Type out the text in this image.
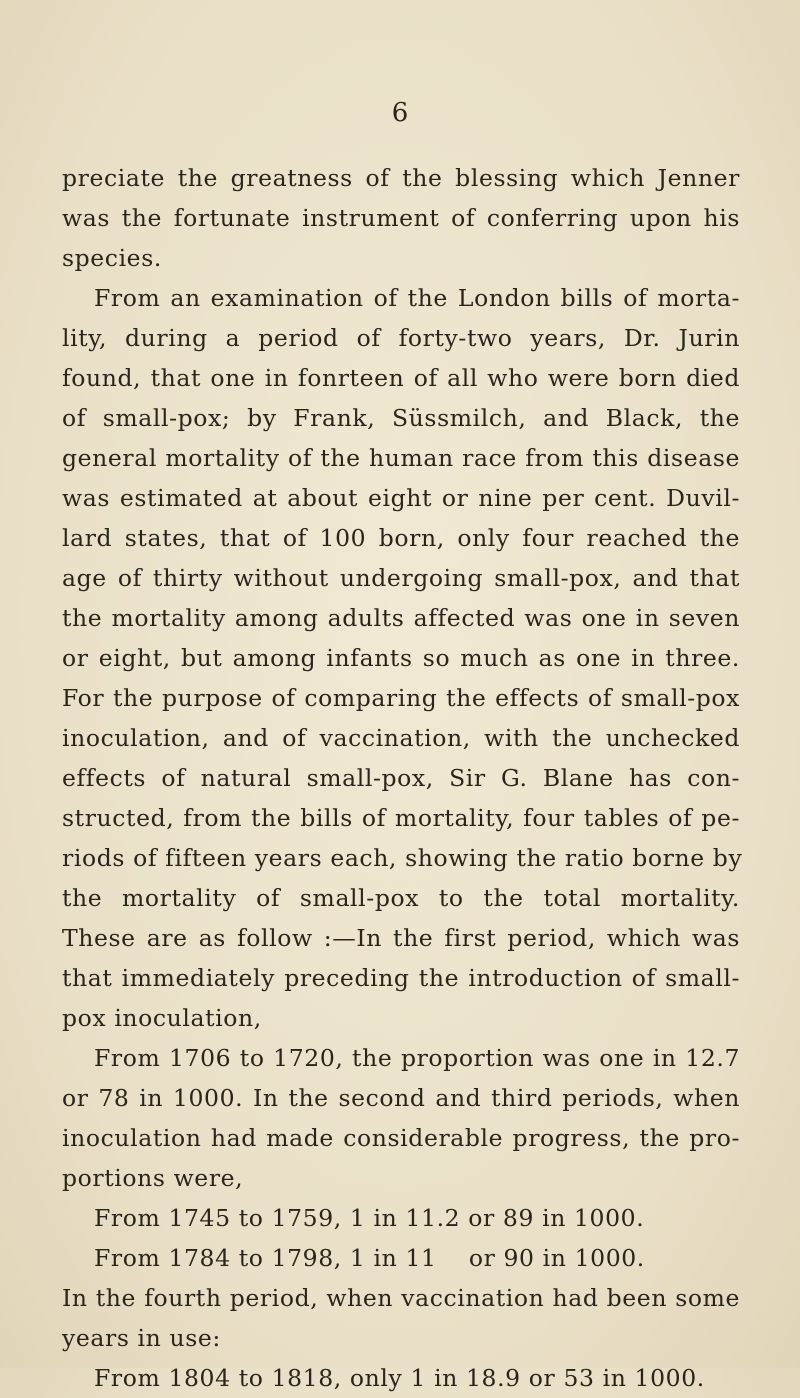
6
preciate the greatness of the blessing which Jenner
was the fortunate instrument of conferring upon his
species.
From an examination of the London bills of morta-
lity, during a period of forty-two years, Dr. Jurin
found, that one in fonrteen of all who were born died
of small-pox; by Frank, Süssmilch, and Black, the
general mortality of the human race from this disease
was estimated at about eight or nine per cent. Duvil-
lard states, that of 100 born, only four reached the
age of thirty without undergoing small-pox, and that
the mortality among adults affected was one in seven
or eight, but among infants so much as one in three.
For the purpose of comparing the effects of small-pox
inoculation, and of vaccination, with the unchecked
effects of natural small-pox, Sir G. Blane has con-
structed, from the bills of mortality, four tables of pe-
riods of fifteen years each, showing the ratio borne by
the mortality of small-pox to the total mortality.
These are as follow :—In the first period, which was
that immediately preceding the introduction of small-
pox inoculation,
From 1706 to 1720, the proportion was one in 12.7
or 78 in 1000. In the second and third periods, when
inoculation had made considerable progress, the pro-
portions were,
From 1745 to 1759, 1 in 11.2 or 89 in 1000.
From 1784 to 1798, 1 in 11    or 90 in 1000.
In the fourth period, when vaccination had been some
years in use:
From 1804 to 1818, only 1 in 18.9 or 53 in 1000.
